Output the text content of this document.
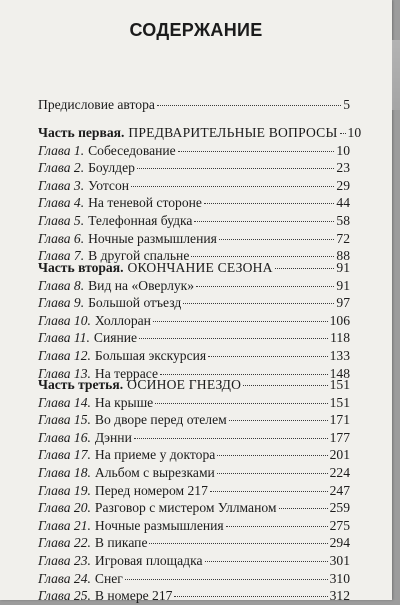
СОДЕРЖАНИЕ
Предисловие автора	5
Часть первая. ПРЕДВАРИТЕЛЬНЫЕ ВОПРОСЫ 10
Глава 1. Собеседование	10
Глава 2. Боулдер	23
Глава 3. Уотсон	29
Глава 4. На теневой стороне	44
Глава 5. Телефонная будка	58
Глава 6. Ночные размышления	72
Глава 7. В другой спальне	88
Часть вторая. ОКОНЧАНИЕ СЕЗОНА	91
Глава 8. Вид на «Оверлук»	91
Глава 9. Большой отъезд	97
Глава 10. Холлоран	106
Глава 11. Сияние	118
Глава 12. Большая экскурсия	133
Глава 13. На террасе	148
Часть третья. ОСИНОЕ ГНЕЗДО	151
Глава 14. На крыше	151
Глава 15. Во дворе перед отелем	171
Глава 16. Дэнни	177
Глава 17. На приеме у доктора	201
Глава 18. Альбом с вырезками	224
Глава 19. Перед номером 217	247
Глава 20. Разговор с мистером Уллманом	259
Глава 21. Ночные размышления	275
Глава 22. В пикапе	294
Глава 23. Игровая площадка	301
Глава 24. Снег	310
Глава 25. В номере 217	312
